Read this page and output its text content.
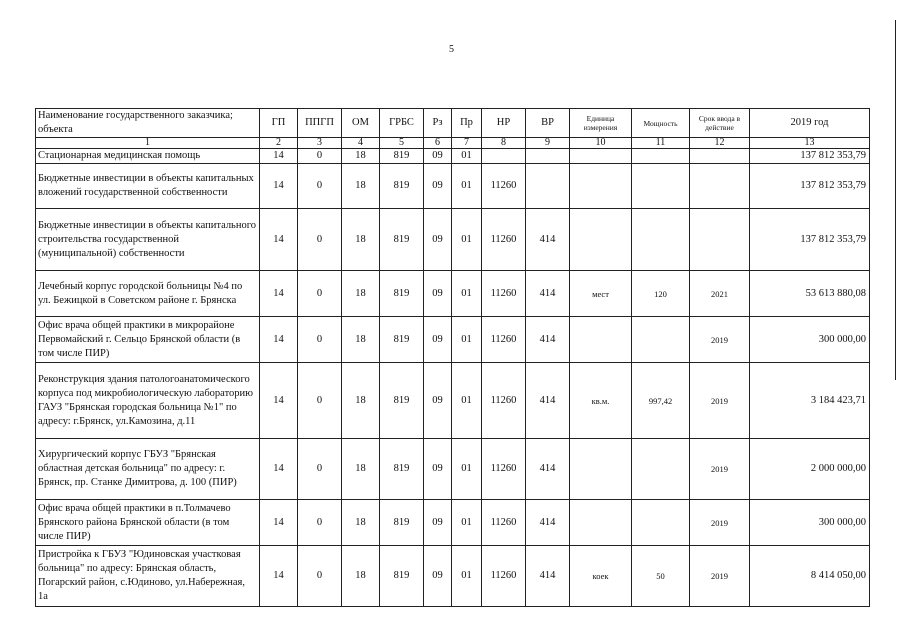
5
Наименование государственного заказчика; объекта	ГП	ППГП	ОМ	ГРБС	Рз	Пр	НР	ВР	Единица измерения	Мощность	Срок ввода в действие	2019 год
1	2	3	4	5	6	7	8	9	10	11	12	13
Стационарная медицинская помощь	14	0	18	819	09	01						137 812 353,79
Бюджетные инвестиции в объекты капитальных вложений государственной собственности	14	0	18	819	09	01	11260					137 812 353,79
Бюджетные инвестиции в объекты капитального строительства государственной (муниципальной) собственности	14	0	18	819	09	01	11260	414				137 812 353,79
Лечебный корпус городской больницы №4 по ул. Бежицкой в Советском районе г. Брянска	14	0	18	819	09	01	11260	414	мест	120	2021	53 613 880,08
Офис врача общей практики в микрорайоне Первомайский г. Сельцо Брянской области (в том числе ПИР)	14	0	18	819	09	01	11260	414			2019	300 000,00
Реконструкция здания патологоанатомического корпуса под микробиологическую лабораторию ГАУЗ "Брянская городская больница №1" по адресу: г.Брянск, ул.Камозина, д.11	14	0	18	819	09	01	11260	414	кв.м.	997,42	2019	3 184 423,71
Хирургический корпус ГБУЗ "Брянская областная детская больница" по адресу: г. Брянск, пр. Станке Димитрова, д. 100 (ПИР)	14	0	18	819	09	01	11260	414			2019	2 000 000,00
Офис врача общей практики в п.Толмачево Брянского района Брянской области (в том числе ПИР)	14	0	18	819	09	01	11260	414			2019	300 000,00
Пристройка к ГБУЗ "Юдиновская участковая больница" по адресу: Брянская область, Погарский район, с.Юдиново, ул.Набережная, 1а	14	0	18	819	09	01	11260	414	коек	50	2019	8 414 050,00
